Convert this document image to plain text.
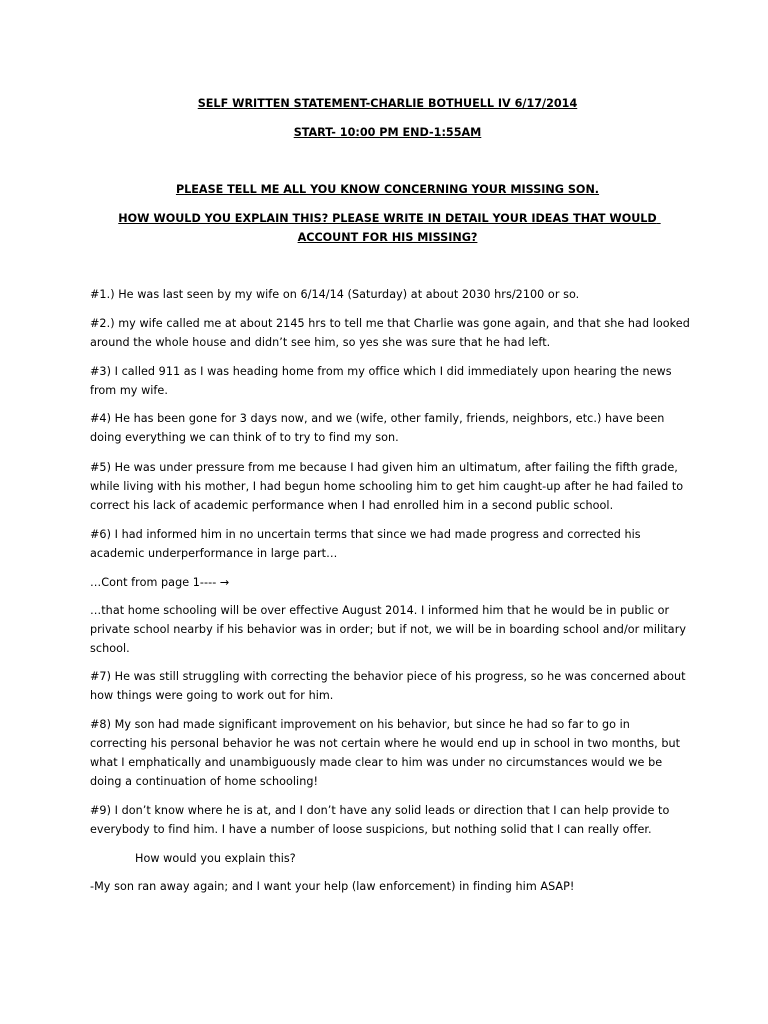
SELF WRITTEN STATEMENT-CHARLIE BOTHUELL IV 6/17/2014
START- 10:00 PM END-1:55AM
PLEASE TELL ME ALL YOU KNOW CONCERNING YOUR MISSING SON.
HOW WOULD YOU EXPLAIN THIS? PLEASE WRITE IN DETAIL YOUR IDEAS THAT WOULD ACCOUNT FOR HIS MISSING?
#1.) He was last seen by my wife on 6/14/14 (Saturday) at about 2030 hrs/2100 or so.
#2.) my wife called me at about 2145 hrs to tell me that Charlie was gone again, and that she had looked around the whole house and didn’t see him, so yes she was sure that he had left.
#3) I called 911 as I was heading home from my office which I did immediately upon hearing the news from my wife.
#4) He has been gone for 3 days now, and we (wife, other family, friends, neighbors, etc.) have been doing everything we can think of to try to find my son.
#5) He was under pressure from me because I had given him an ultimatum, after failing the fifth grade, while living with his mother, I had begun home schooling him to get him caught-up after he had failed to correct his lack of academic performance when I had enrolled him in a second public school.
#6) I had informed him in no uncertain terms that since we had made progress and corrected his academic underperformance in large part…
…Cont from page 1---- →
…that home schooling will be over effective August 2014. I informed him that he would be in public or private school nearby if his behavior was in order; but if not, we will be in boarding school and/or military school.
#7) He was still struggling with correcting the behavior piece of his progress, so he was concerned about how things were going to work out for him.
#8) My son had made significant improvement on his behavior, but since he had so far to go in correcting his personal behavior he was not certain where he would end up in school in two months, but what I emphatically and unambiguously made clear to him was under no circumstances would we be doing a continuation of home schooling!
#9) I don’t know where he is at, and I don’t have any solid leads or direction that I can help provide to everybody to find him. I have a number of loose suspicions, but nothing solid that I can really offer.
How would you explain this?
-My son ran away again; and I want your help (law enforcement) in finding him ASAP!
